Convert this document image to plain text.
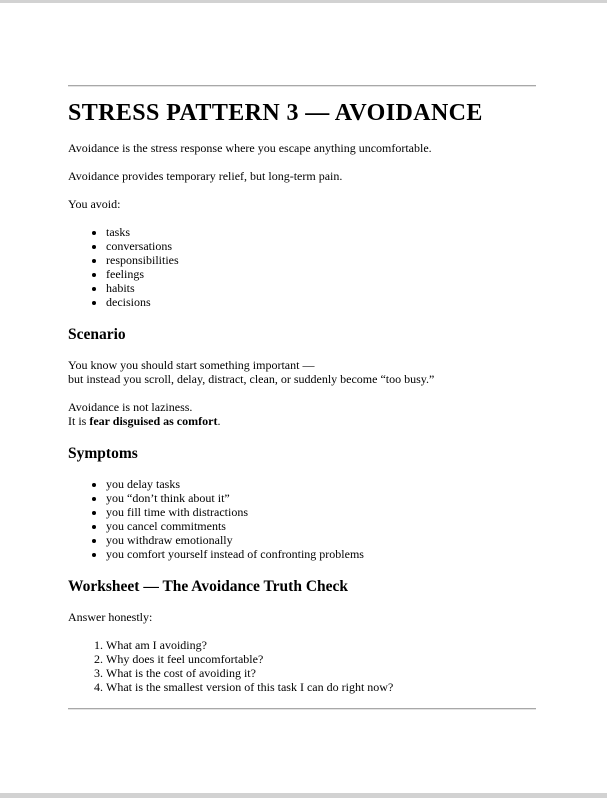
STRESS PATTERN 3 — AVOIDANCE

Avoidance is the stress response where you escape anything uncomfortable.

Avoidance provides temporary relief, but long-term pain.

You avoid:

• tasks
• conversations
• responsibilities
• feelings
• habits
• decisions
Scenario

You know you should start something important —
but instead you scroll, delay, distract, clean, or suddenly become “too busy.”

Avoidance is not laziness.
It is fear disguised as comfort.

Symptoms
• you delay tasks
• you “don’t think about it”
• you fill time with distractions
• you cancel commitments
• you withdraw emotionally
• you comfort yourself instead of confronting problems
Worksheet — The Avoidance Truth Check

Answer honestly:

1. What am I avoiding?
2. Why does it feel uncomfortable?
3. What is the cost of avoiding it?
4. What is the smallest version of this task I can do right now?
